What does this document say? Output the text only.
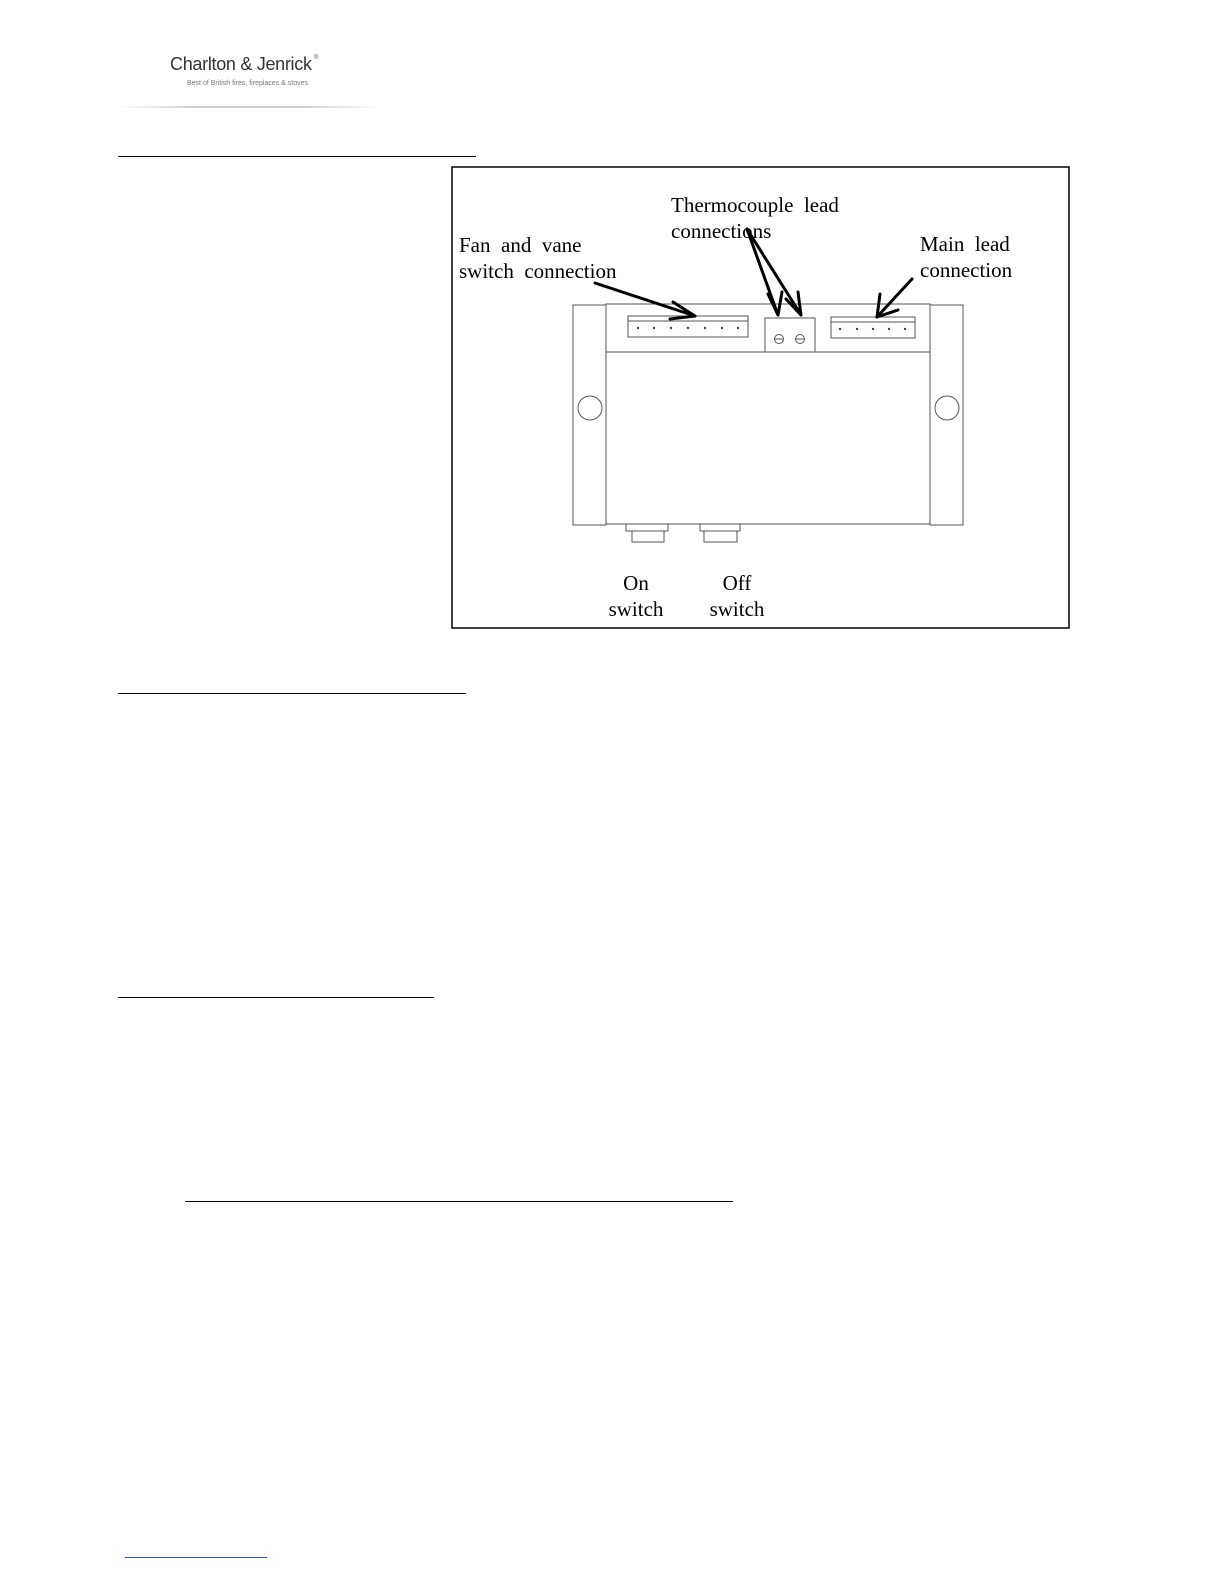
Charlton & Jenrick ®
Best of British fires, fireplaces & stoves
Thermocouple  lead
connections
Fan  and  vane
switch  connection
Main  lead
connection
On
switch
Off
switch
